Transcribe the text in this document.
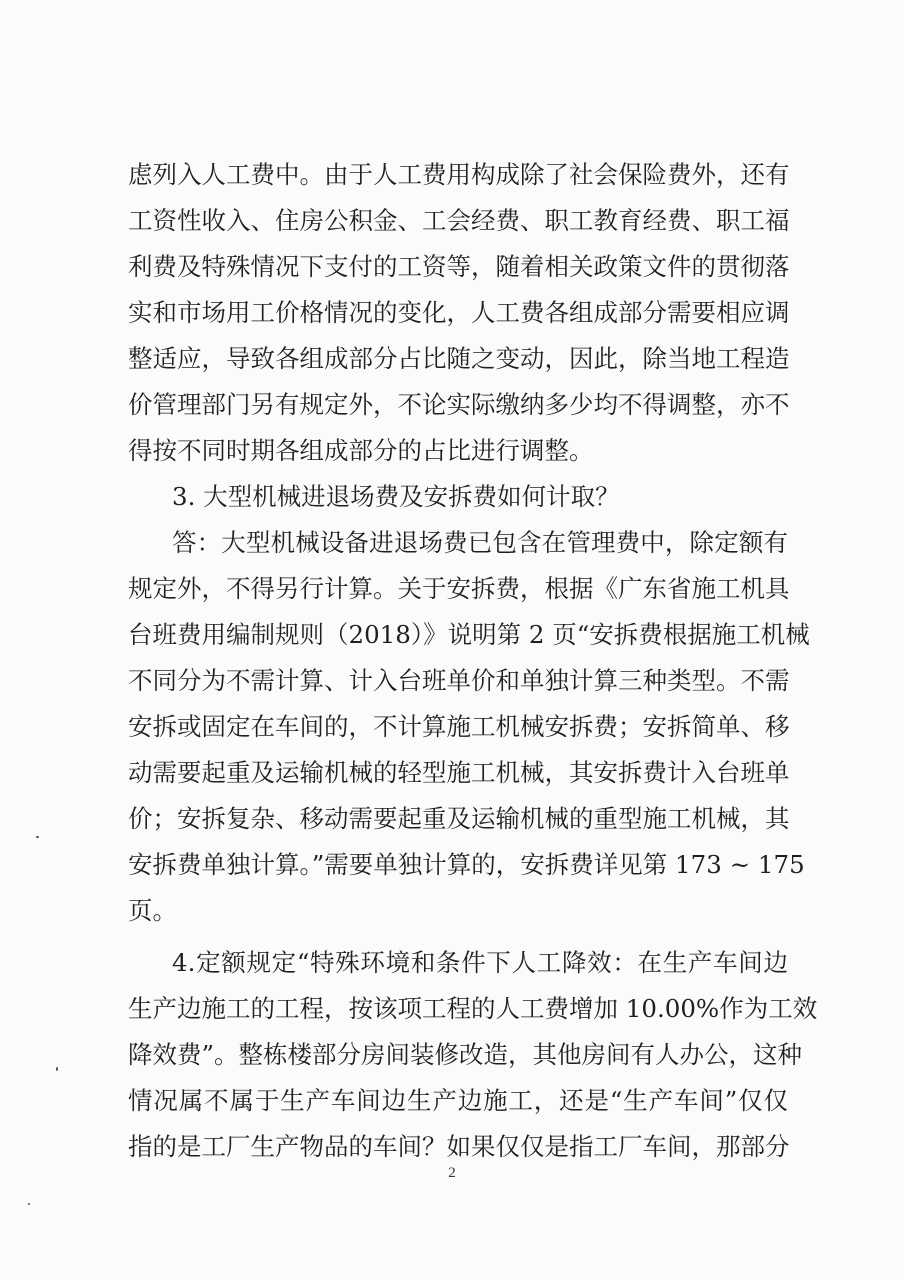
虑列入人工费中。由于人工费用构成除了社会保险费外，还有
工资性收入、住房公积金、工会经费、职工教育经费、职工福
利费及特殊情况下支付的工资等，随着相关政策文件的贯彻落
实和市场用工价格情况的变化，人工费各组成部分需要相应调
整适应，导致各组成部分占比随之变动，因此，除当地工程造
价管理部门另有规定外，不论实际缴纳多少均不得调整，亦不
得按不同时期各组成部分的占比进行调整。
3. 大型机械进退场费及安拆费如何计取？
答：大型机械设备进退场费已包含在管理费中，除定额有
规定外，不得另行计算。关于安拆费，根据《广东省施工机具
台班费用编制规则（2018）》说明第 2 页“安拆费根据施工机械
不同分为不需计算、计入台班单价和单独计算三种类型。不需
安拆或固定在车间的，不计算施工机械安拆费；安拆简单、移
动需要起重及运输机械的轻型施工机械，其安拆费计入台班单
价；安拆复杂、移动需要起重及运输机械的重型施工机械，其
安拆费单独计算。”需要单独计算的，安拆费详见第 173 ~ 175
页。
4.定额规定“特殊环境和条件下人工降效：在生产车间边
生产边施工的工程，按该项工程的人工费增加 10.00%作为工效
降效费”。整栋楼部分房间装修改造，其他房间有人办公，这种
情况属不属于生产车间边生产边施工，还是“生产车间”仅仅
指的是工厂生产物品的车间？如果仅仅是指工厂车间，那部分
2
